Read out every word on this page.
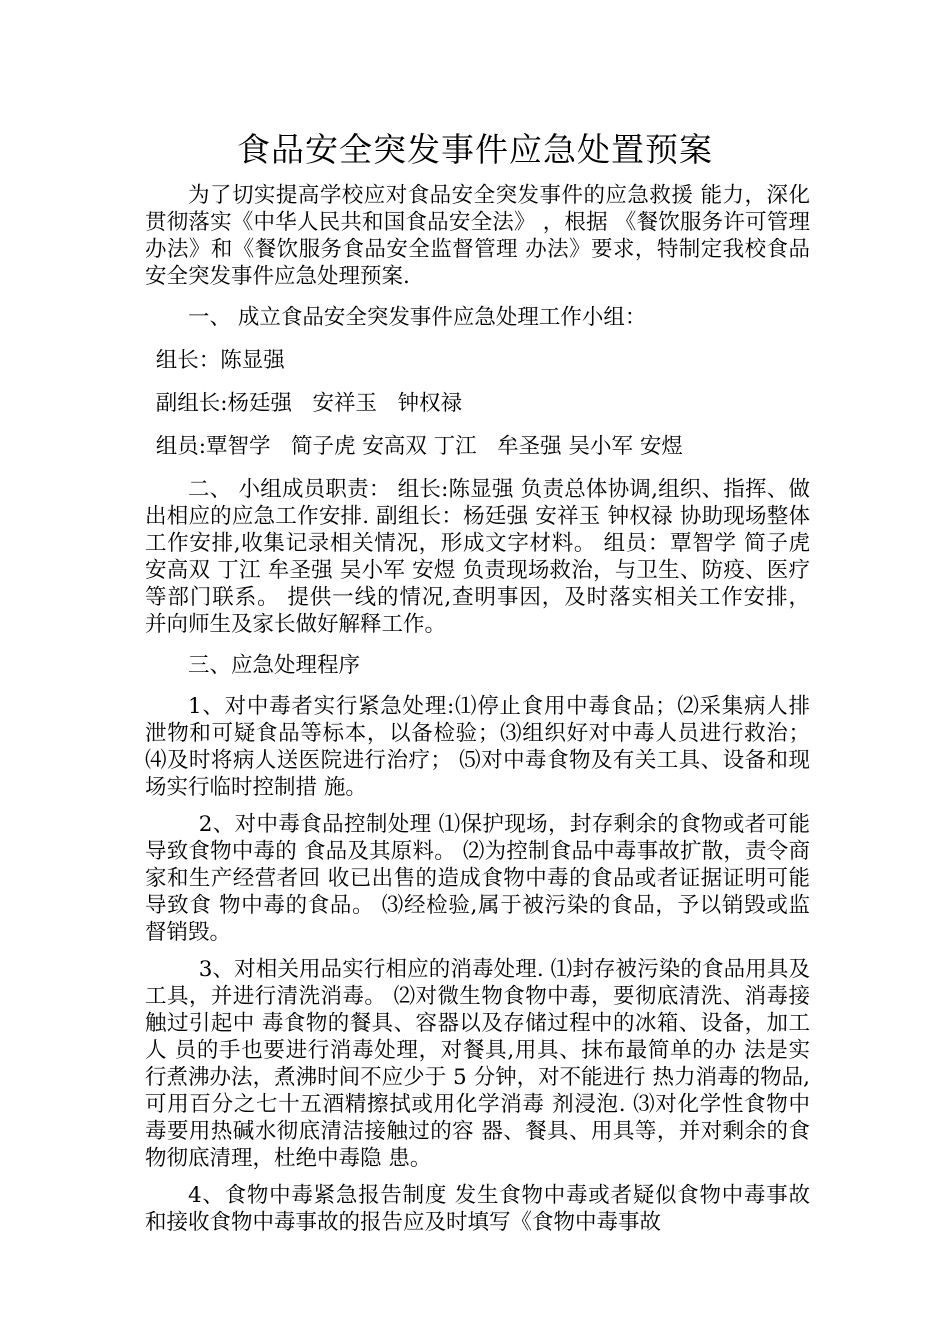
食品安全突发事件应急处置预案

为了切实提高学校应对食品安全突发事件的应急救援 能力，深化贯彻落实《中华人民共和国食品安全法》 ，根据 《餐饮服务许可管理办法》和《餐饮服务食品安全监督管理 办法》要求，特制定我校食品安全突发事件应急处理预案.

一、 成立食品安全突发事件应急处理工作小组：

组长：陈显强

副组长:杨廷强   安祥玉   钟权禄

组员:覃智学   简子虎 安高双 丁江   牟圣强 吴小军 安煜

二、 小组成员职责： 组长:陈显强 负责总体协调,组织、指挥、做出相应的应急工作安排. 副组长：杨廷强 安祥玉 钟权禄 协助现场整体工作安排,收集记录相关情况，形成文字材料。 组员：覃智学 简子虎 安高双 丁江 牟圣强 吴小军 安煜 负责现场救治，与卫生、防疫、医疗等部门联系。 提供一线的情况,查明事因，及时落实相关工作安排， 并向师生及家长做好解释工作。

三、应急处理程序

1、对中毒者实行紧急处理:⑴停止食用中毒食品；⑵采集病人排泄物和可疑食品等标本，以备检验；⑶组织好对中毒人员进行救治； ⑷及时将病人送医院进行治疗； ⑸对中毒食物及有关工具、设备和现场实行临时控制措 施。

2、对中毒食品控制处理 ⑴保护现场，封存剩余的食物或者可能导致食物中毒的 食品及其原料。 ⑵为控制食品中毒事故扩散，责令商家和生产经营者回 收已出售的造成食物中毒的食品或者证据证明可能导致食 物中毒的食品。 ⑶经检验,属于被污染的食品，予以销毁或监督销毁。

3、对相关用品实行相应的消毒处理. ⑴封存被污染的食品用具及工具，并进行清洗消毒。 ⑵对微生物食物中毒，要彻底清洗、消毒接触过引起中 毒食物的餐具、容器以及存储过程中的冰箱、设备，加工人 员的手也要进行消毒处理，对餐具,用具、抹布最简单的办 法是实行煮沸办法，煮沸时间不应少于 5 分钟，对不能进行 热力消毒的物品,可用百分之七十五酒精擦拭或用化学消毒 剂浸泡. ⑶对化学性食物中毒要用热碱水彻底清洁接触过的容 器、餐具、用具等，并对剩余的食物彻底清理，杜绝中毒隐 患。

4、食物中毒紧急报告制度 发生食物中毒或者疑似食物中毒事故和接收食物中毒事故的报告应及时填写《食物中毒事故
